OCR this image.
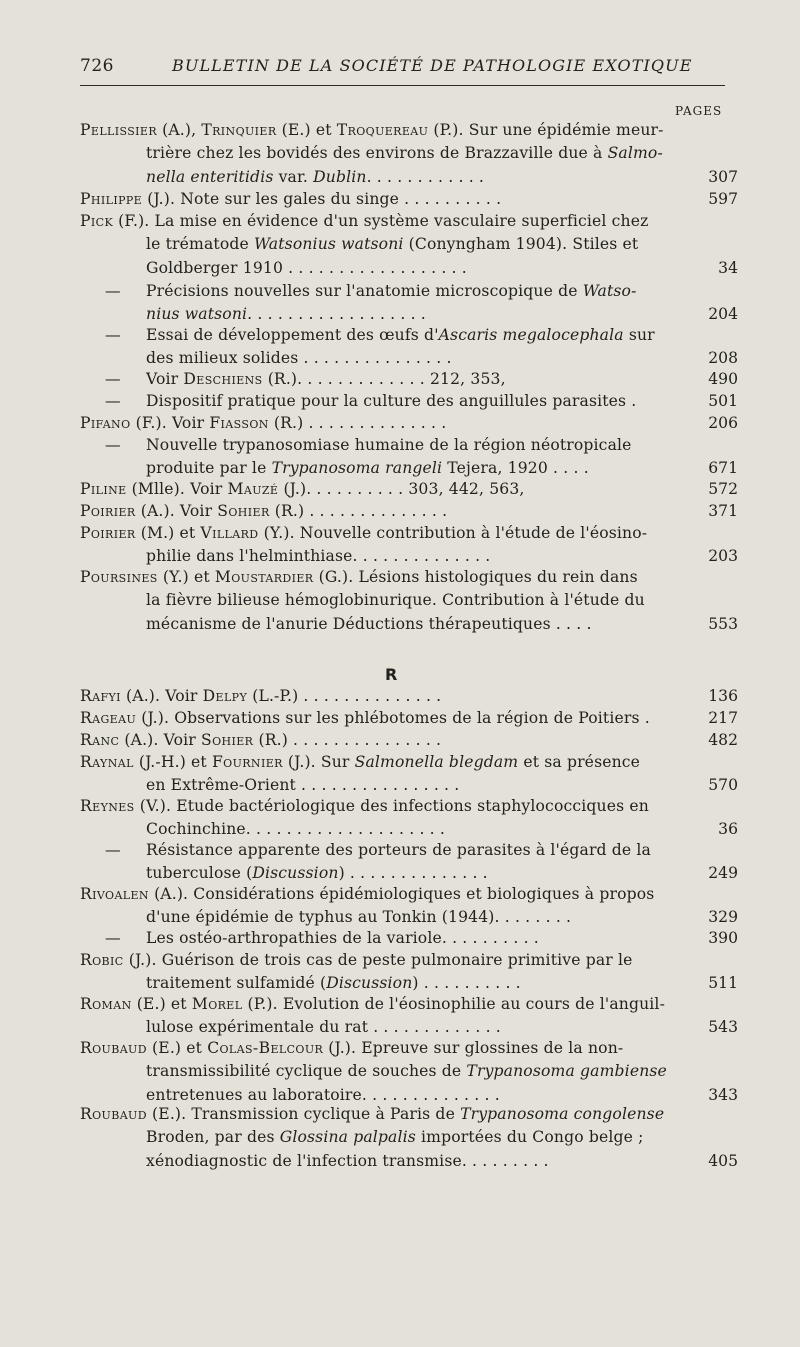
726	BULLETIN DE LA SOCIÉTÉ DE PATHOLOGIE EXOTIQUE
PAGES
R
Pellissier (A.), Trinquier (E.) et Troquereau (P.). Sur une épidémie meur-
trière chez les bovidés des environs de Brazzaville due à Salmo-
nella enteritidis var. Dublin. . . . . . . . . . . .	307
Philippe (J.). Note sur les gales du singe . . . . . . . . . .	597
Pick (F.). La mise en évidence d'un système vasculaire superficiel chez
le trématode Watsonius watsoni (Conyngham 1904). Stiles et
Goldberger 1910 . . . . . . . . . . . . . . . . . .	34
— Précisions nouvelles sur l'anatomie microscopique de Watso-
nius watsoni. . . . . . . . . . . . . . . . . .	204
— Essai de développement des œufs d'Ascaris megalocephala sur
des milieux solides . . . . . . . . . . . . . . .	208
— Voir Deschiens (R.). . . . . . . . . . . . . 212, 353,	490
— Dispositif pratique pour la culture des anguillules parasites .	501
Pifano (F.). Voir Fiasson (R.) . . . . . . . . . . . . . .	206
— Nouvelle trypanosomiase humaine de la région néotropicale
produite par le Trypanosoma rangeli Tejera, 1920 . . . .	671
Piline (Mlle). Voir Mauzé (J.). . . . . . . . . . 303, 442, 563,	572
Poirier (A.). Voir Sohier (R.) . . . . . . . . . . . . . .	371
Poirier (M.) et Villard (Y.). Nouvelle contribution à l'étude de l'éosino-
philie dans l'helminthiase. . . . . . . . . . . . . .	203
Poursines (Y.) et Moustardier (G.). Lésions histologiques du rein dans
la fièvre bilieuse hémoglobinurique. Contribution à l'étude du
mécanisme de l'anurie Déductions thérapeutiques . . . .	553
Rafyi (A.). Voir Delpy (L.-P.) . . . . . . . . . . . . . .	136
Rageau (J.). Observations sur les phlébotomes de la région de Poitiers .	217
Ranc (A.). Voir Sohier (R.) . . . . . . . . . . . . . . .	482
Raynal (J.-H.) et Fournier (J.). Sur Salmonella blegdam et sa présence
en Extrême-Orient . . . . . . . . . . . . . . . .	570
Reynes (V.). Etude bactériologique des infections staphylococciques en
Cochinchine. . . . . . . . . . . . . . . . . . . .	36
— Résistance apparente des porteurs de parasites à l'égard de la
tuberculose (Discussion) . . . . . . . . . . . . . .	249
Rivoalen (A.). Considérations épidémiologiques et biologiques à propos
d'une épidémie de typhus au Tonkin (1944). . . . . . . .	329
— Les ostéo-arthropathies de la variole. . . . . . . . . .	390
Robic (J.). Guérison de trois cas de peste pulmonaire primitive par le
traitement sulfamidé (Discussion) . . . . . . . . . .	511
Roman (E.) et Morel (P.). Evolution de l'éosinophilie au cours de l'anguil-
lulose expérimentale du rat . . . . . . . . . . . . .	543
Roubaud (E.) et Colas-Belcour (J.). Epreuve sur glossines de la non-
transmissibilité cyclique de souches de Trypanosoma gambiense
entretenues au laboratoire. . . . . . . . . . . . . .	343
Roubaud (E.). Transmission cyclique à Paris de Trypanosoma congolense
Broden, par des Glossina palpalis importées du Congo belge ;
xénodiagnostic de l'infection transmise. . . . . . . . .	405
